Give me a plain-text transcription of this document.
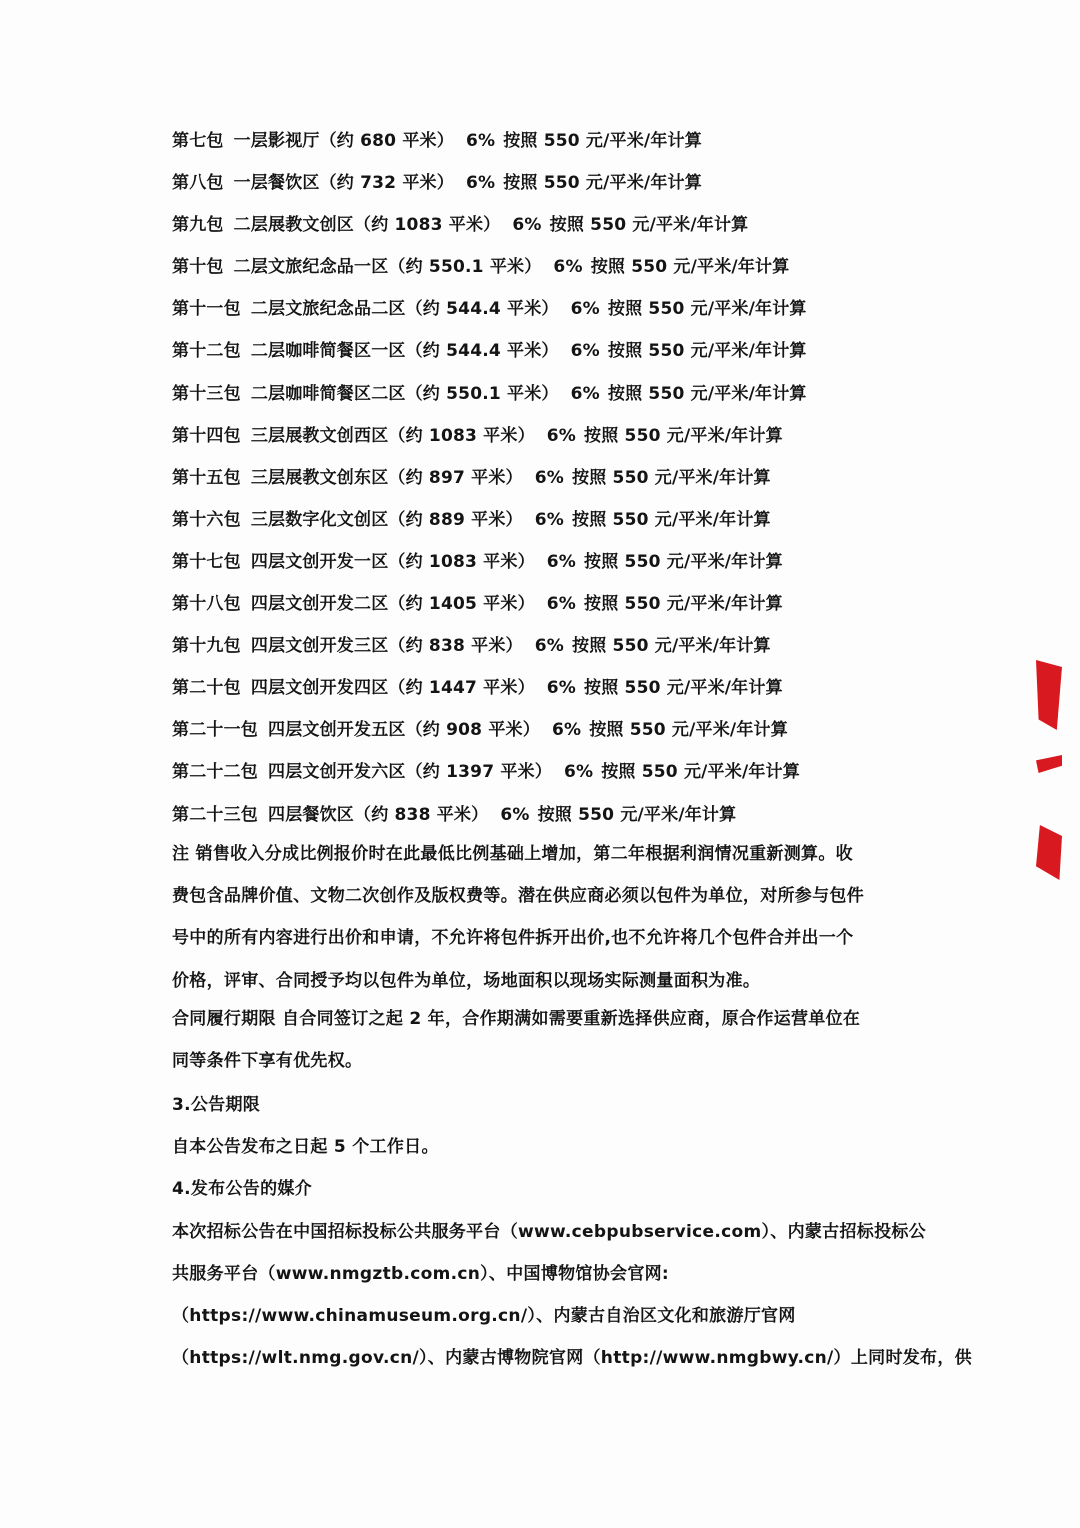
第七包 一层影视厅（约 680 平米） 6% 按照 550 元/平米/年计算
第八包 一层餐饮区（约 732 平米） 6% 按照 550 元/平米/年计算
第九包 二层展教文创区（约 1083 平米） 6% 按照 550 元/平米/年计算
第十包 二层文旅纪念品一区（约 550.1 平米） 6% 按照 550 元/平米/年计算
第十一包 二层文旅纪念品二区（约 544.4 平米） 6% 按照 550 元/平米/年计算
第十二包 二层咖啡简餐区一区（约 544.4 平米） 6% 按照 550 元/平米/年计算
第十三包 二层咖啡简餐区二区（约 550.1 平米） 6% 按照 550 元/平米/年计算
第十四包 三层展教文创西区（约 1083 平米） 6% 按照 550 元/平米/年计算
第十五包 三层展教文创东区（约 897 平米） 6% 按照 550 元/平米/年计算
第十六包 三层数字化文创区（约 889 平米） 6% 按照 550 元/平米/年计算
第十七包 四层文创开发一区（约 1083 平米） 6% 按照 550 元/平米/年计算
第十八包 四层文创开发二区（约 1405 平米） 6% 按照 550 元/平米/年计算
第十九包 四层文创开发三区（约 838 平米） 6% 按照 550 元/平米/年计算
第二十包 四层文创开发四区（约 1447 平米） 6% 按照 550 元/平米/年计算
第二十一包 四层文创开发五区（约 908 平米） 6% 按照 550 元/平米/年计算
第二十二包 四层文创开发六区（约 1397 平米） 6% 按照 550 元/平米/年计算
第二十三包 四层餐饮区（约 838 平米） 6% 按照 550 元/平米/年计算
注 销售收入分成比例报价时在此最低比例基础上增加，第二年根据利润情况重新测算。收
费包含品牌价值、文物二次创作及版权费等。潜在供应商必须以包件为单位，对所参与包件
号中的所有内容进行出价和申请，不允许将包件拆开出价,也不允许将几个包件合并出一个
价格，评审、合同授予均以包件为单位，场地面积以现场实际测量面积为准。
合同履行期限 自合同签订之起 2 年，合作期满如需要重新选择供应商，原合作运营单位在
同等条件下享有优先权。
3.公告期限
自本公告发布之日起 5 个工作日。
4.发布公告的媒介
本次招标公告在中国招标投标公共服务平台（www.cebpubservice.com）、内蒙古招标投标公
共服务平台（www.nmgztb.com.cn）、中国博物馆协会官网:
（https://www.chinamuseum.org.cn/）、内蒙古自治区文化和旅游厅官网
（https://wlt.nmg.gov.cn/）、内蒙古博物院官网（http://www.nmgbwy.cn/）上同时发布，供
